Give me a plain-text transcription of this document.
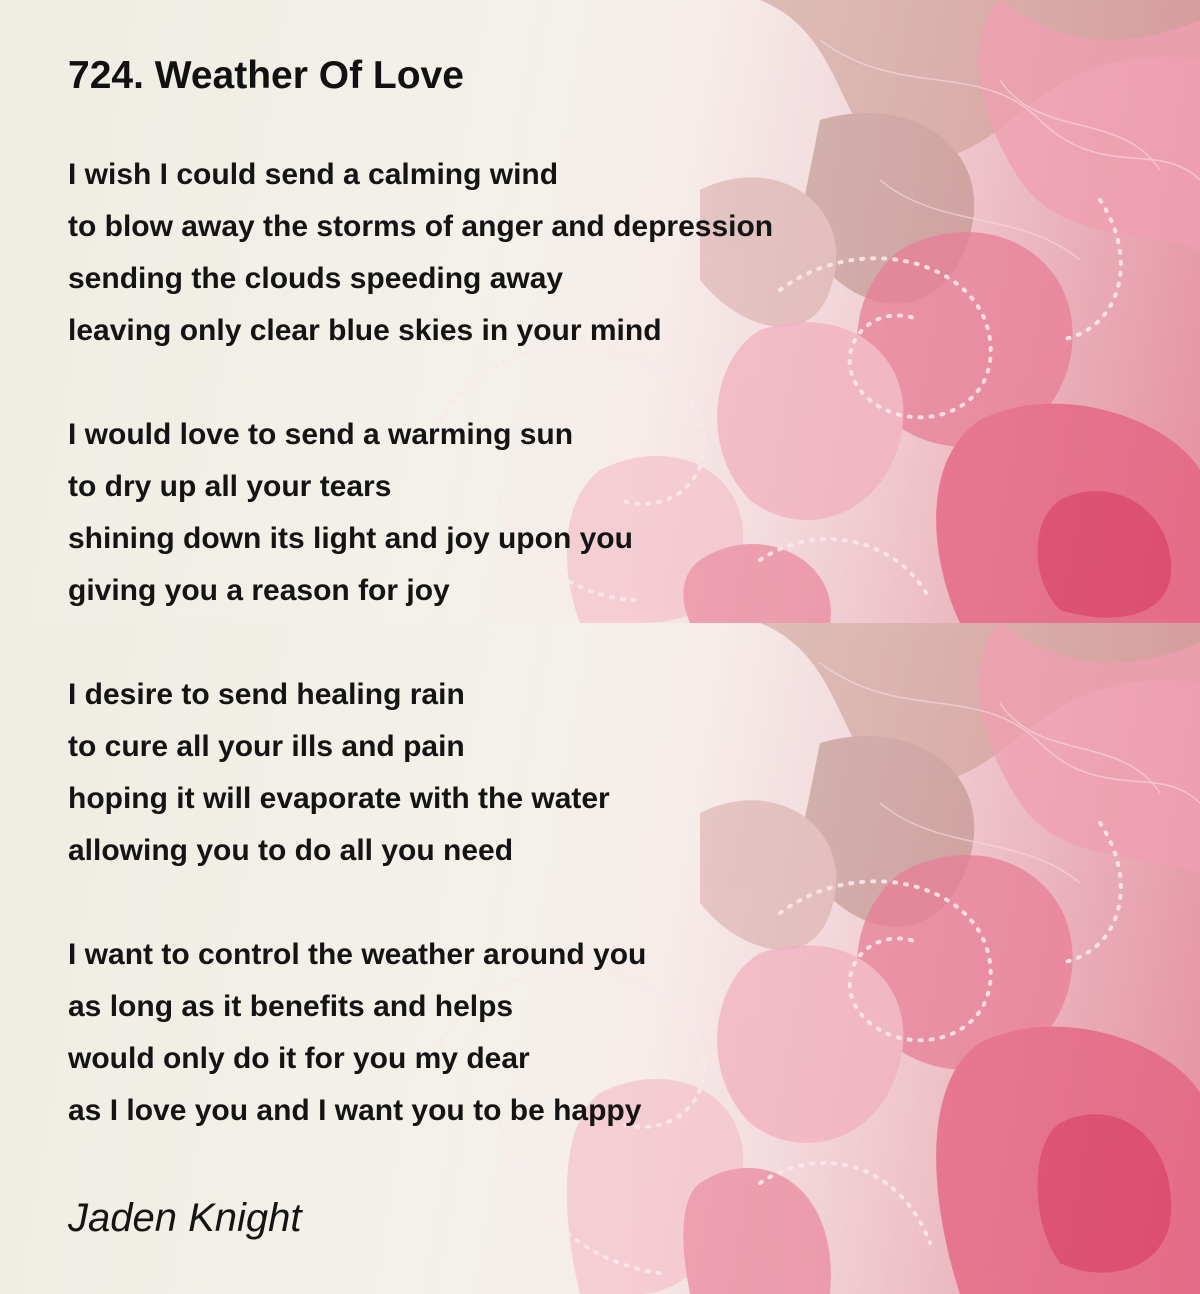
724. Weather Of Love
I wish I could send a calming wind
to blow away the storms of anger and depression
sending the clouds speeding away
leaving only clear blue skies in your mind
I would love to send a warming sun
to dry up all your tears
shining down its light and joy upon you
giving you a reason for joy
I desire to send healing rain
to cure all your ills and pain
hoping it will evaporate with the water
allowing you to do all you need
I want to control the weather around you
as long as it benefits and helps
would only do it for you my dear
as I love you and I want you to be happy
Jaden Knight
